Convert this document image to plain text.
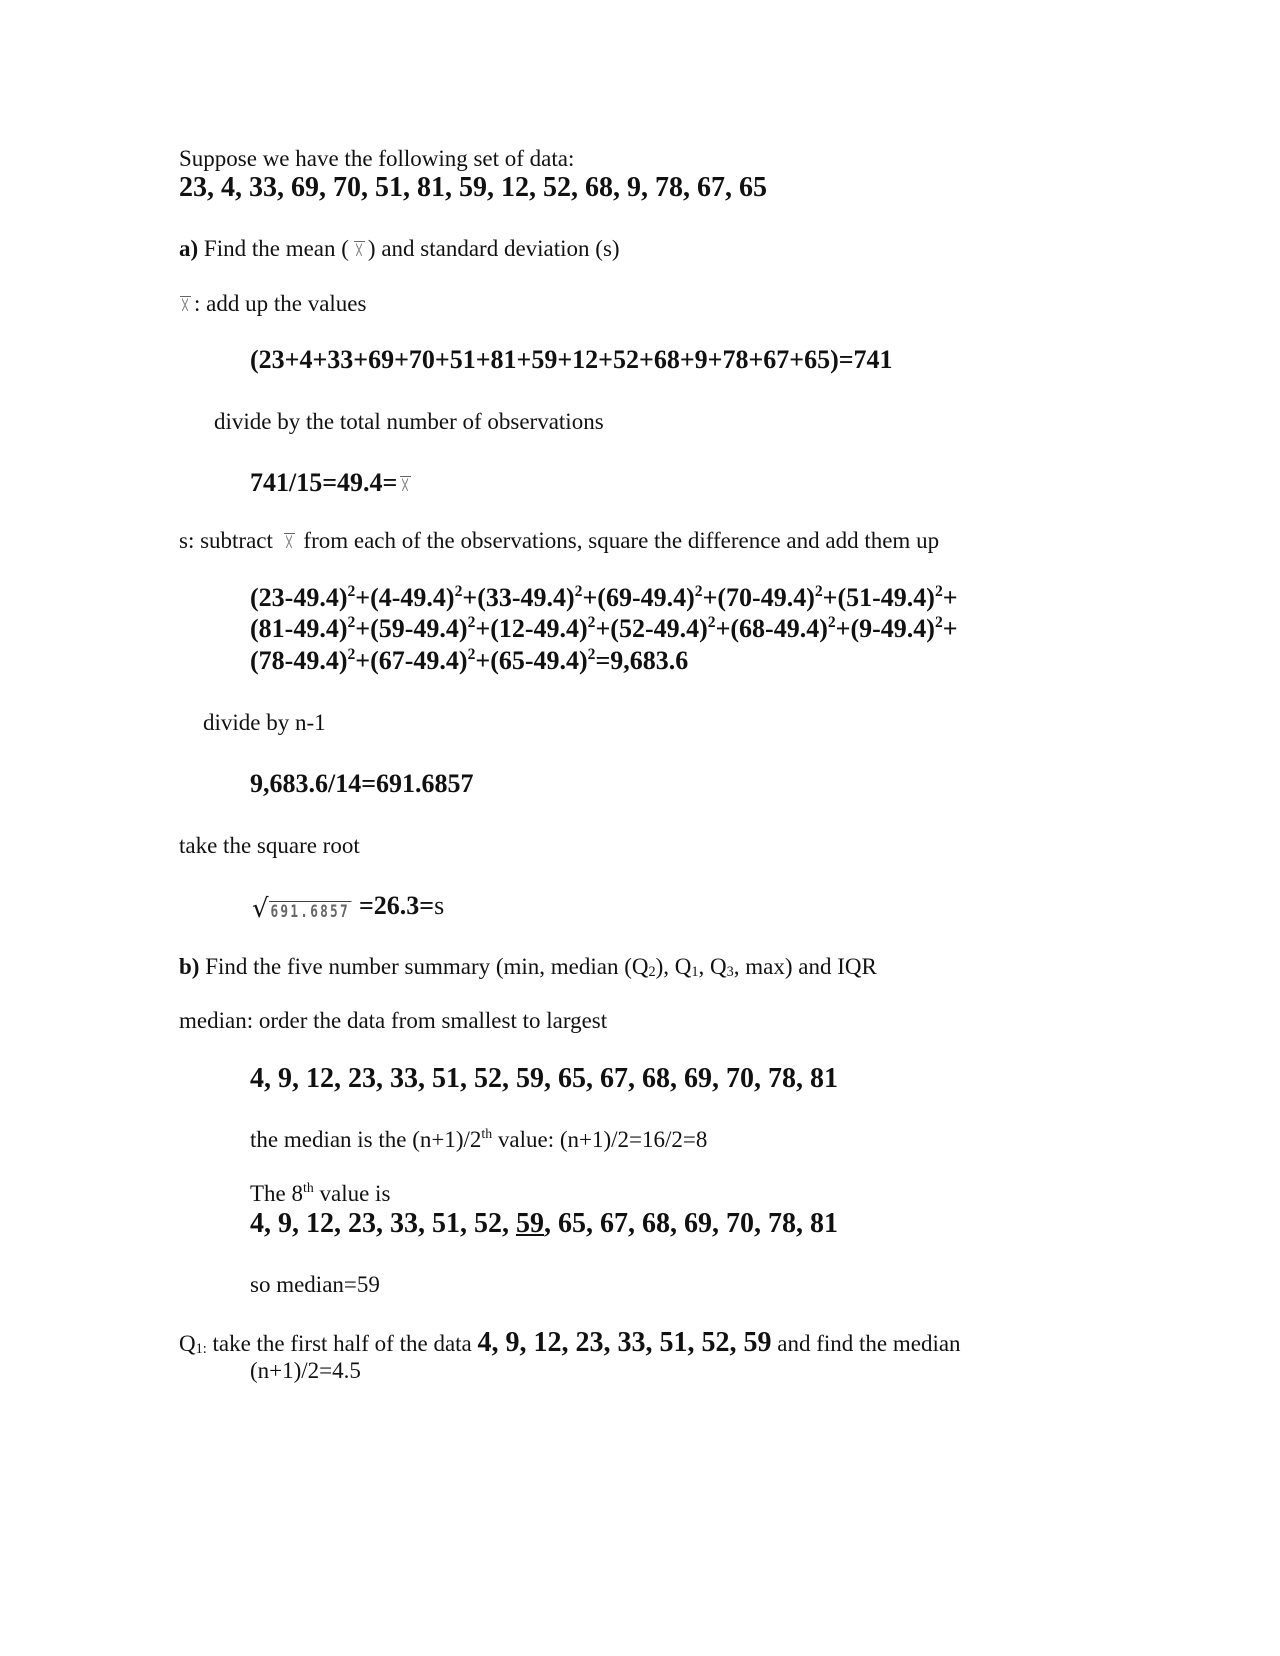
Suppose we have the following set of data:
23, 4, 33, 69, 70, 51, 81, 59, 12, 52, 68, 9, 78, 67, 65
a) Find the mean ( ) and standard deviation (s)
: add up the values
(23+4+33+69+70+51+81+59+12+52+68+9+78+67+65)=741
divide by the total number of observations
741/15=49.4=
s: subtract from each of the observations, square the difference and add them up
$(23-49.4)^2+(4-49.4)^2+(33-49.4)^2+(69-49.4)^2+(70-49.4)^2+(51-49.4)^2+$
$(81-49.4)^2+(59-49.4)^2+(12-49.4)^2+(52-49.4)^2+(68-49.4)^2+(9-49.4)^2+$
$(78-49.4)^2+(67-49.4)^2+(65-49.4)^2=9,683.6$
divide by n-1
9,683.6/14=691.6857
take the square root
√691.6857 =26.3=s
b) Find the five number summary (min, median $(Q_2)$, $Q_1$, $Q_3$, max) and IQR
median: order the data from smallest to largest
4, 9, 12, 23, 33, 51, 52, 59, 65, 67, 68, 69, 70, 78, 81
the median is the (n+1)/2th value: (n+1)/2=16/2=8
The 8th value is
4, 9, 12, 23, 33, 51, 52, 59, 65, 67, 68, 69, 70, 78, 81
so median=59
$Q_{1:}$ take the first half of the data 4, 9, 12, 23, 33, 51, 52, 59 and find the median
(n+1)/2=4.5
